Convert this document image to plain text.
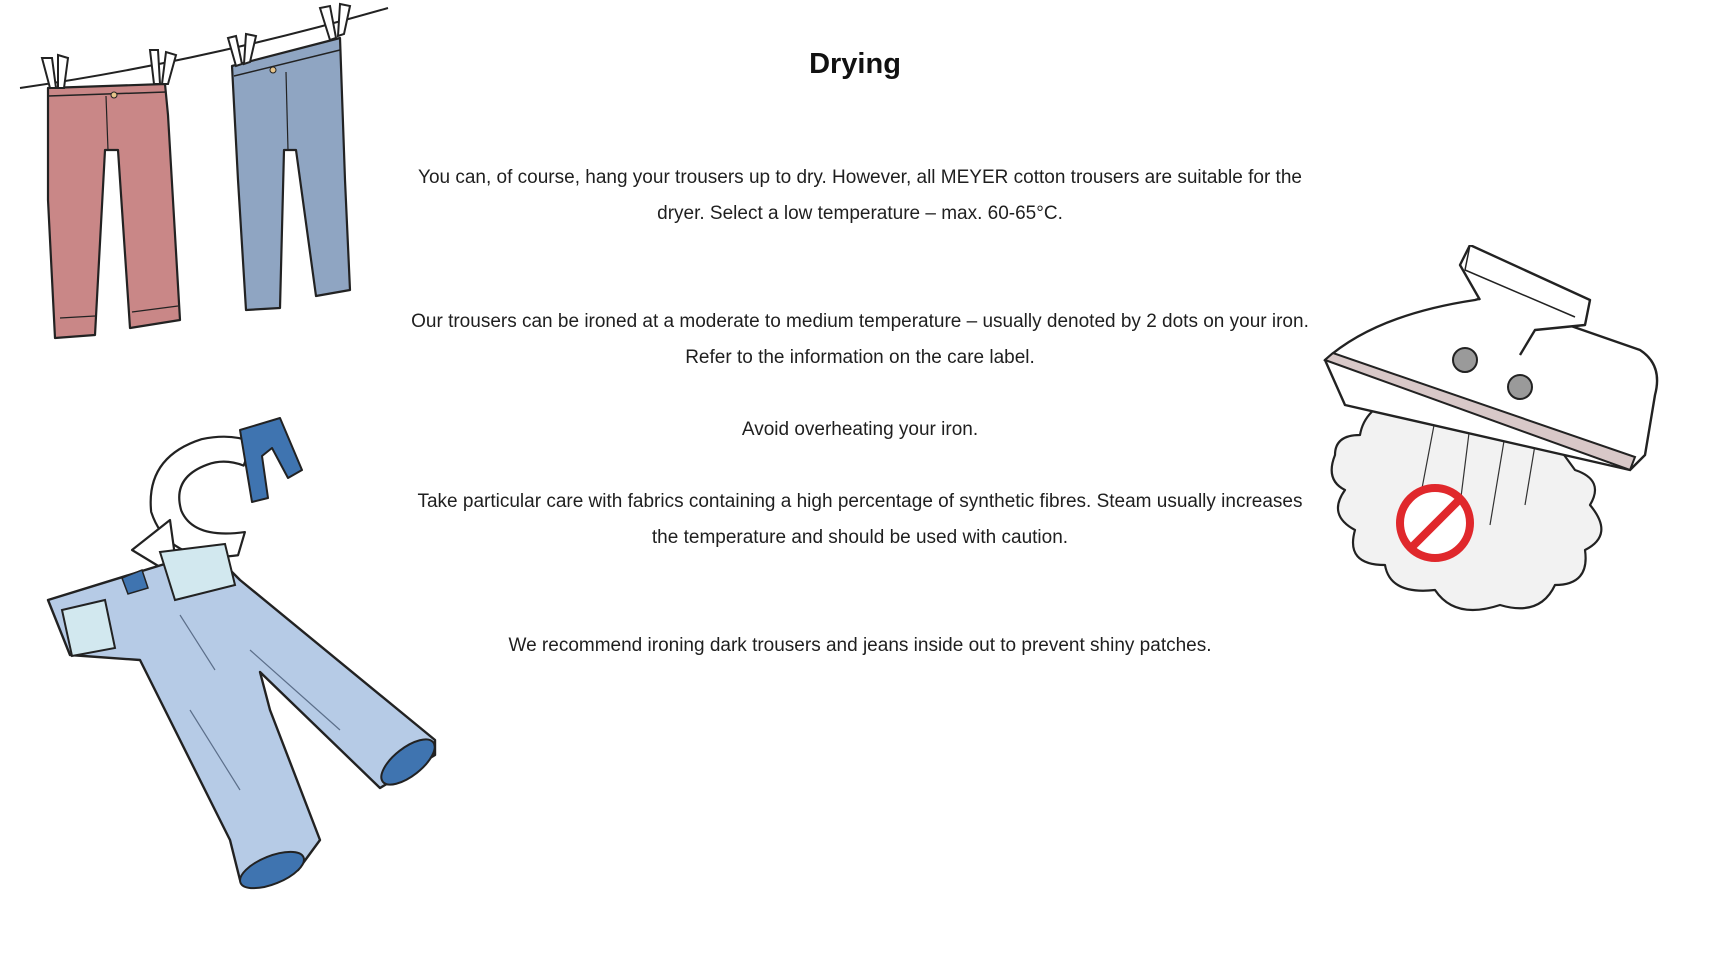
Drying
You can, of course, hang your trousers up to dry. However, all MEYER cotton trousers are suitable for the dryer. Select a low temperature – max. 60-65°C.
Our trousers can be ironed at a moderate to medium temperature – usually denoted by 2 dots on your iron. Refer to the information on the care label.
Avoid overheating your iron.
Take particular care with fabrics containing a high percentage of synthetic fibres. Steam usually increases the temperature and should be used with caution.
We recommend ironing dark trousers and jeans inside out to prevent shiny patches.
